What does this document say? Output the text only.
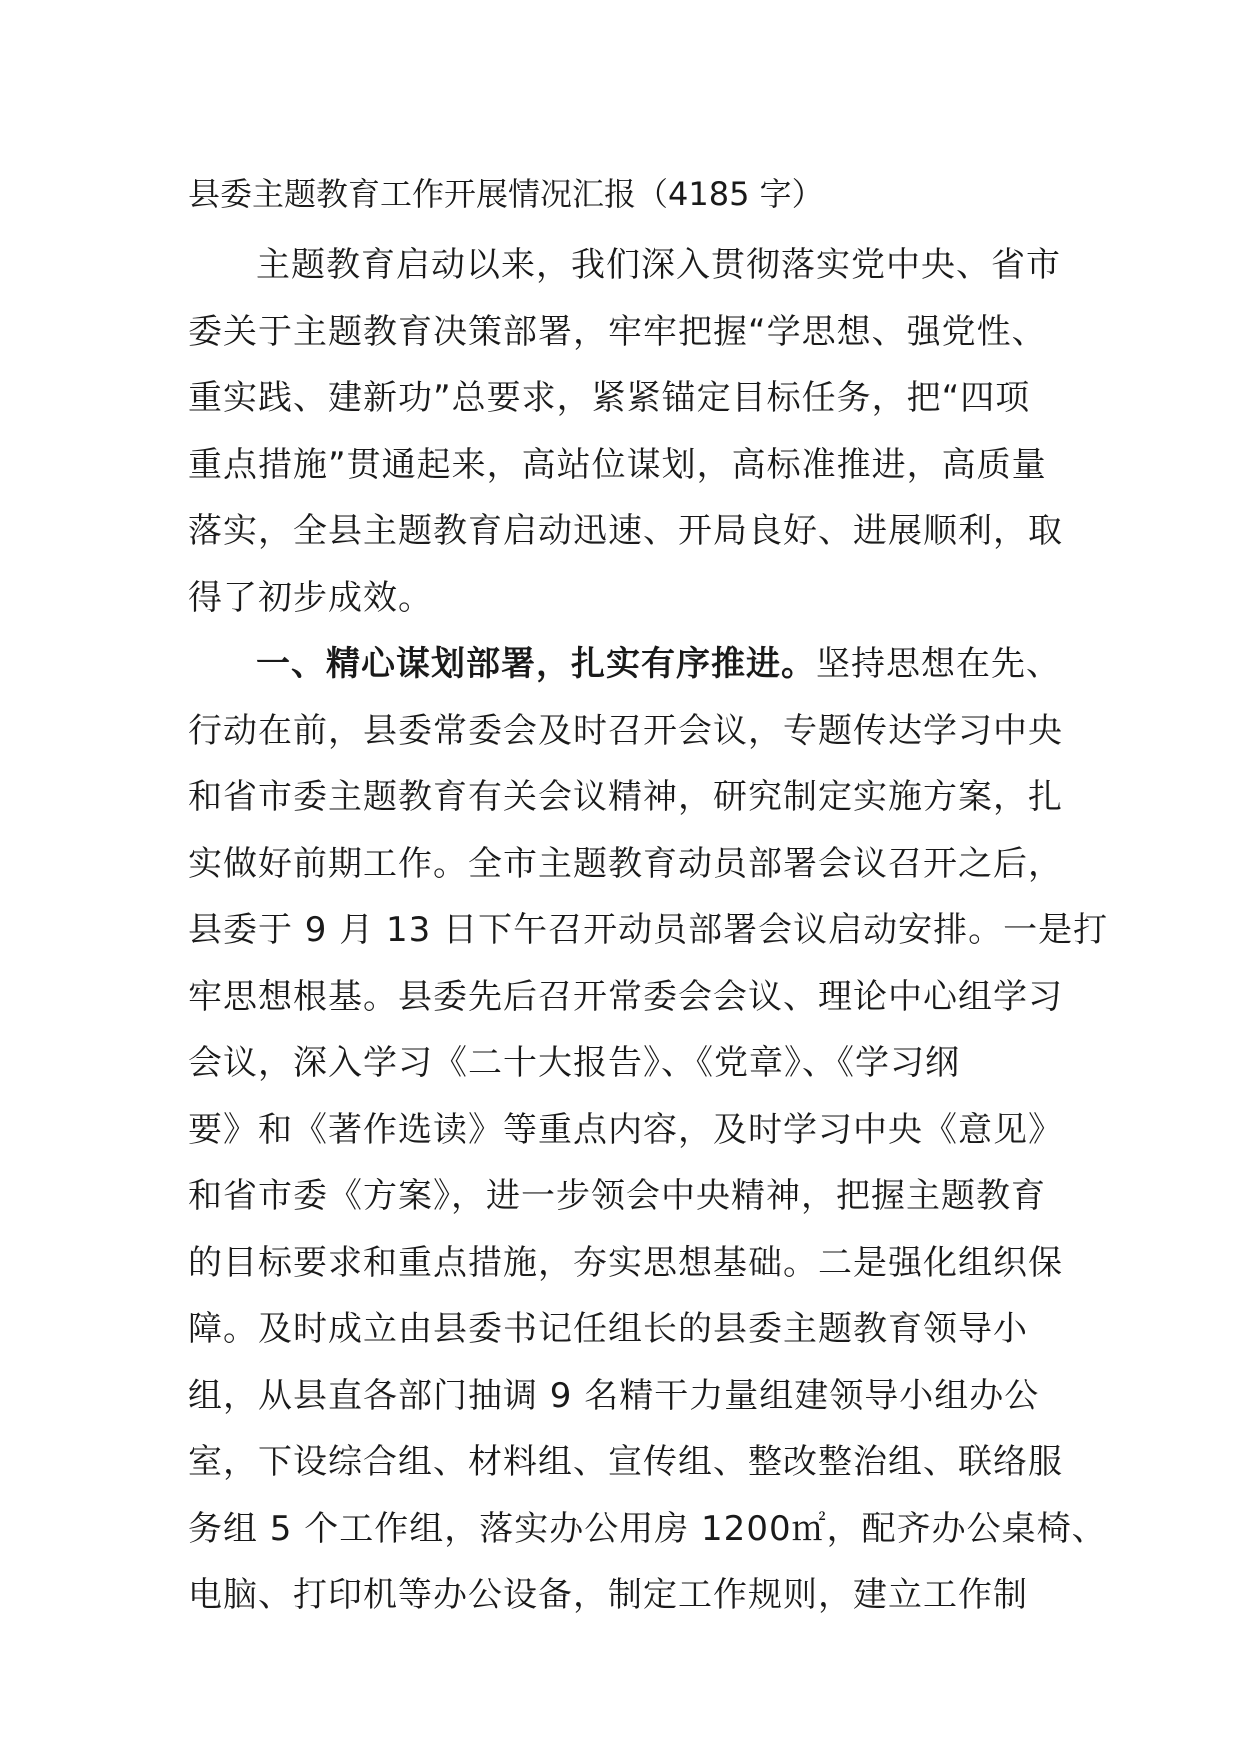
县委主题教育工作开展情况汇报（4185 字）
主题教育启动以来，我们深入贯彻落实党中央、省市
委关于主题教育决策部署，牢牢把握“学思想、强党性、
重实践、建新功”总要求，紧紧锚定目标任务，把“四项
重点措施”贯通起来，高站位谋划，高标准推进，高质量
落实，全县主题教育启动迅速、开局良好、进展顺利，取
得了初步成效。
一、精心谋划部署，扎实有序推进。坚持思想在先、
行动在前，县委常委会及时召开会议，专题传达学习中央
和省市委主题教育有关会议精神，研究制定实施方案，扎
实做好前期工作。全市主题教育动员部署会议召开之后，
县委于 9 月 13 日下午召开动员部署会议启动安排。一是打
牢思想根基。县委先后召开常委会会议、理论中心组学习
会议，深入学习《二十大报告》、《党章》、《学习纲
要》和《著作选读》等重点内容，及时学习中央《意见》
和省市委《方案》，进一步领会中央精神，把握主题教育
的目标要求和重点措施，夯实思想基础。二是强化组织保
障。及时成立由县委书记任组长的县委主题教育领导小
组，从县直各部门抽调 9 名精干力量组建领导小组办公
室，下设综合组、材料组、宣传组、整改整治组、联络服
务组 5 个工作组，落实办公用房 1200㎡，配齐办公桌椅、
电脑、打印机等办公设备，制定工作规则，建立工作制
